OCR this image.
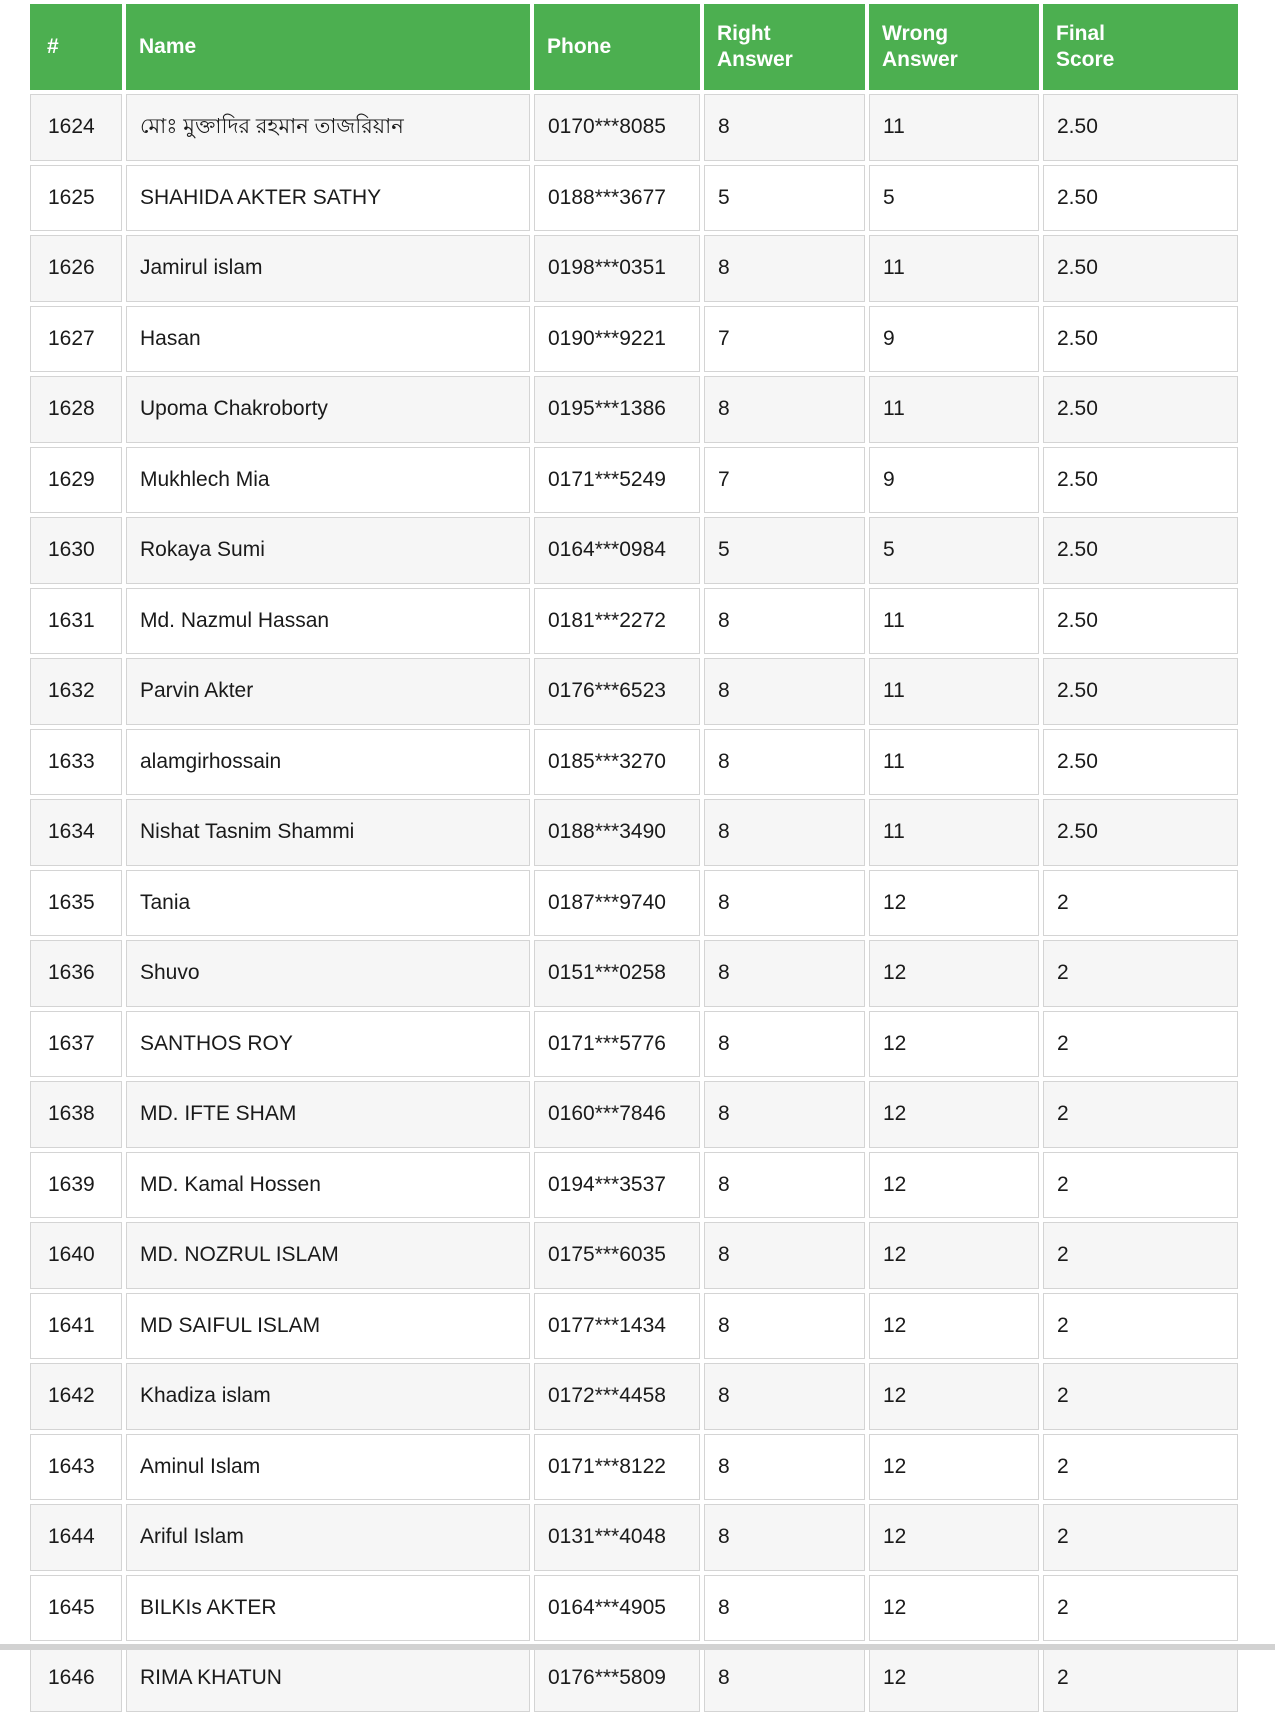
#	Name	Phone	Right Answer	Wrong Answer	Final Score
1624	মোঃ মুক্তাদির রহমান তাজরিয়ান	0170***8085	8	11	2.50
1625	SHAHIDA AKTER SATHY	0188***3677	5	5	2.50
1626	Jamirul islam	0198***0351	8	11	2.50
1627	Hasan	0190***9221	7	9	2.50
1628	Upoma Chakroborty	0195***1386	8	11	2.50
1629	Mukhlech Mia	0171***5249	7	9	2.50
1630	Rokaya Sumi	0164***0984	5	5	2.50
1631	Md. Nazmul Hassan	0181***2272	8	11	2.50
1632	Parvin Akter	0176***6523	8	11	2.50
1633	alamgirhossain	0185***3270	8	11	2.50
1634	Nishat Tasnim Shammi	0188***3490	8	11	2.50
1635	Tania	0187***9740	8	12	2
1636	Shuvo	0151***0258	8	12	2
1637	SANTHOS ROY	0171***5776	8	12	2
1638	MD. IFTE SHAM	0160***7846	8	12	2
1639	MD. Kamal Hossen	0194***3537	8	12	2
1640	MD. NOZRUL ISLAM	0175***6035	8	12	2
1641	MD SAIFUL ISLAM	0177***1434	8	12	2
1642	Khadiza islam	0172***4458	8	12	2
1643	Aminul Islam	0171***8122	8	12	2
1644	Ariful Islam	0131***4048	8	12	2
1645	BILKIs AKTER	0164***4905	8	12	2
1646	RIMA KHATUN	0176***5809	8	12	2
